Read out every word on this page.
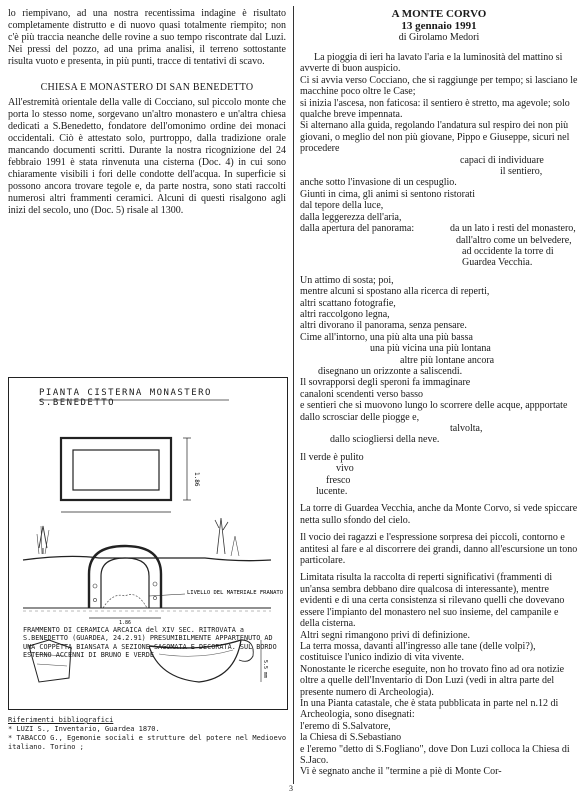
lo riempivano, ad una nostra recentissima indagine è risultato completamente distrutto e di nuovo quasi totalmente riempito; non c'è più traccia neanche delle rovine a suo tempo riscontrate dal Luzi. Nei pressi del pozzo, ad una prima analisi, il terreno sottostante risulta vuoto e presenta, in più punti, tracce di tentativi di scavo.

CHIESA E MONASTERO DI SAN BENEDETTO

All'estremità orientale della valle di Cocciano, sul piccolo monte che porta lo stesso nome, sorgevano un'altro monastero e un'altra chiesa dedicati a S.Benedetto, fondatore dell'omonimo ordine dei monaci occidentali. Ciò è attestato solo, purtroppo, dalla tradizione orale mancando documenti scritti. Durante la nostra ricognizione del 24 febbraio 1991 è stata rinvenuta una cisterna (Doc. 4) in cui sono chiaramente visibili i fori delle condotte dell'acqua. In superficie si possono ancora trovare tegole e, da parte nostra, sono stati raccolti numerosi altri frammenti ceramici. Alcuni di questi risalgono agli inizi del secolo, uno (Doc. 5) risale al 1300.

PIANTA CISTERNA MONASTERO S.BENEDETTO
1.86
LIVELLO DEL MATERIALE FRANATO
1.86
5.5 mm
FRAMMENTO DI CERAMICA ARCAICA del XIV SEC. RITROVATA a S.BENEDETTO (GUARDEA, 24.2.91) PRESUMIBILMENTE APPARTENUTO AD UNA COPPETTA BIANSATA A SEZIONE SAGOMATA E DECORATA. SUL BORDO ESTERNO ACCENNI DI BRUNO E VERDE
Riferimenti bibliografici
* LUZI S., Inventario, Guardea 1870.
* TABACCO G., Egemonie sociali e strutture del potere nel Medioevo italiano. Torino ;
A MONTE CORVO
13 gennaio 1991
di Girolamo Medori

La pioggia di ieri ha lavato l'aria e la luminosità del mattino si avverte di buon auspicio.

Ci si avvia verso Cocciano, che si raggiunge per tempo; si lasciano le macchine poco oltre le Case;
si inizia l'ascesa, non faticosa: il sentiero è stretto, ma agevole; solo qualche breve impennata.
Si alternano alla guida, regolando l'andatura sul respiro dei non più giovani, o meglio del non più giovane, Pippo e Giuseppe, sicuri nel procedere
capaci di individuare
il sentiero,
anche sotto l'invasione di un cespuglio.
Giunti in cima, gli animi si sentono ristorati
dal tepore della luce,
dalla leggerezza dell'aria,
dalla apertura del panorama:	da un lato i resti del monastero,
dall'altro come un belvedere,
ad occidente la torre di Guardea Vecchia.
Un attimo di sosta; poi,
mentre alcuni si spostano alla ricerca di reperti,
altri scattano fotografie,
altri raccolgono legna,
altri divorano il panorama, senza pensare.
Cime all'intorno, una più alta una più bassa
una più vicina una più lontana
altre più lontane ancora
disegnano un orizzonte a saliscendi.
Il sovrapporsi degli speroni fa immaginare
canaloni scendenti verso basso
e sentieri che si muovono lungo lo scorrere delle acque, appportate dallo scrosciar delle piogge e,
talvolta,
dallo scioglìersi della neve.
Il verde è pulito
vivo
fresco
lucente.

La torre di Guardea Vecchia, anche da Monte Corvo, si vede spiccare netta sullo sfondo del cielo.

Il vocio dei ragazzi e l'espressione sorpresa dei piccoli, contorno e antitesi al fare e al discorrere dei grandi, danno all'escursione un tono particolare.

Limitata risulta la raccolta di reperti significativi (frammenti di un'ansa sembra debbano dire qualcosa di interessante), mentre evidenti e di una certa consistenza si rilevano quelli che dovevano essere l'impianto del monastero nel suo insieme, del campanile e della cisterna.

Altri segni rimangono privi di definizione.

La terra mossa, davanti all'ingresso alle tane (delle volpi?), costituisce l'unico indizio di vita vivente.

Nonostante le ricerche eseguite, non ho trovato fino ad ora notizie oltre a quelle dell'Inventario di Don Luzi (vedi in altra parte del presente numero di Archeologia).

In una Pianta catastale, che è stata pubblicata in parte nel n.12 di Archeologia, sono disegnati:

l'eremo di S.Salvatore,
la Chiesa di S.Sebastiano
e l'eremo "detto di S.Fogliano", dove Don Luzi colloca la Chiesa di S.Jaco.

Vi è segnato anche il "termine a piè di Monte Cor-

3
